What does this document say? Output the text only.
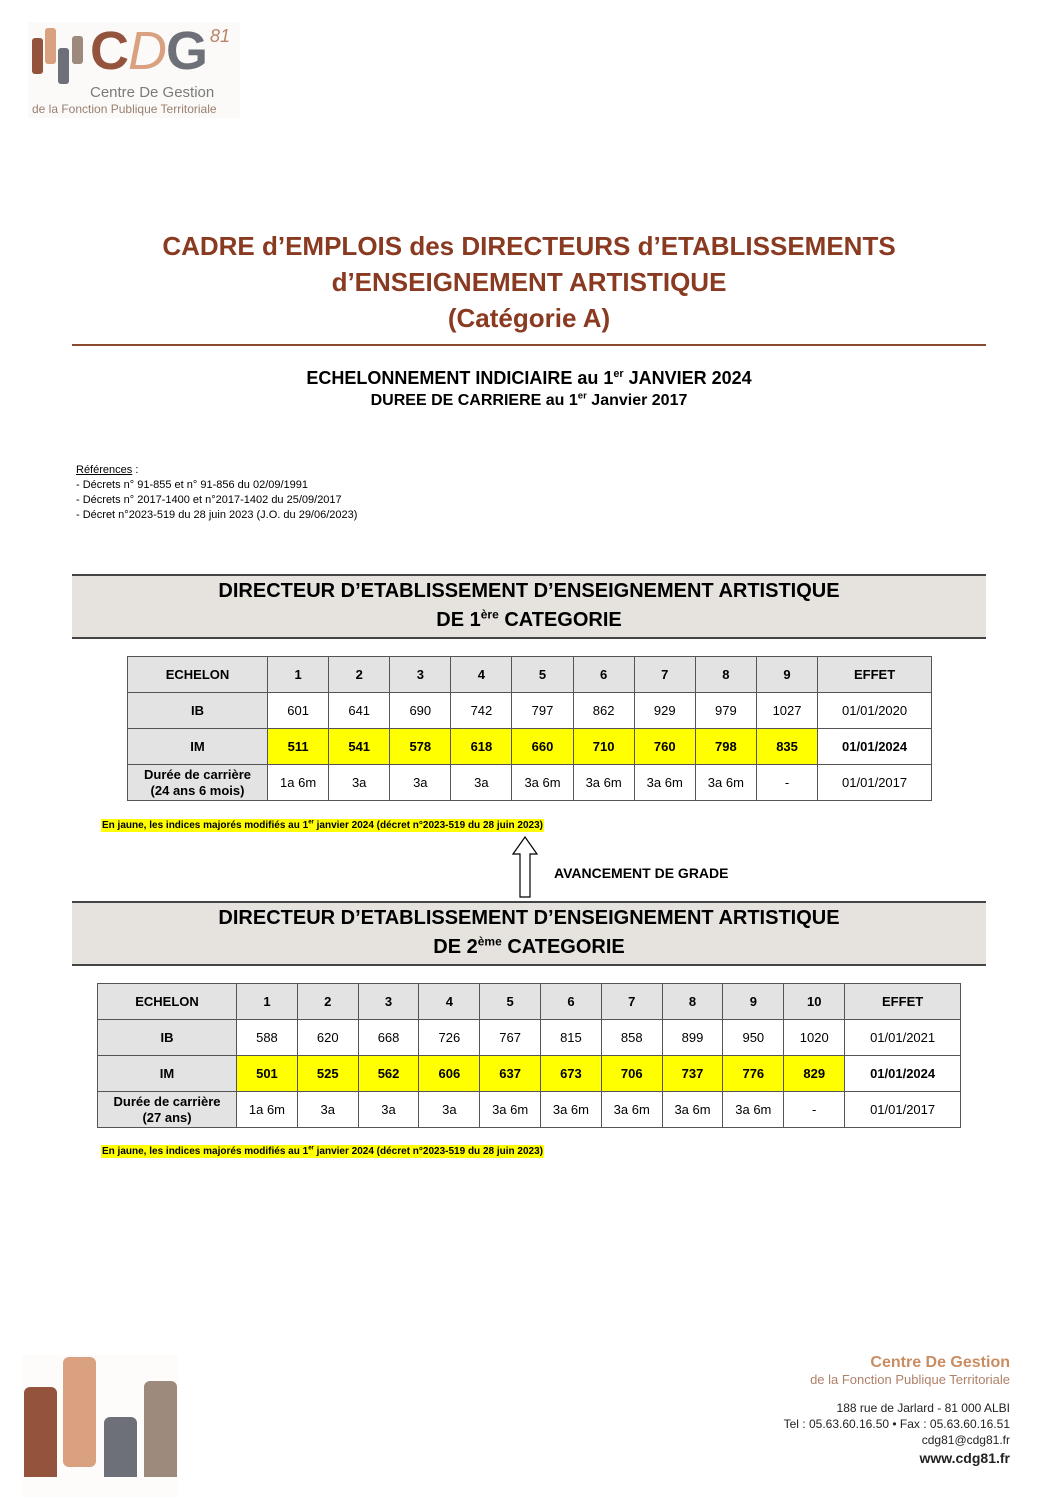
CDG 81
Centre De Gestion
de la Fonction Publique Territoriale
CADRE d’EMPLOIS des DIRECTEURS d’ETABLISSEMENTS
d’ENSEIGNEMENT ARTISTIQUE
(Catégorie A)
ECHELONNEMENT INDICIAIRE au 1er JANVIER 2024
DUREE DE CARRIERE au 1er Janvier 2017
Références :
- Décrets n° 91-855 et n° 91-856 du 02/09/1991
- Décrets n° 2017-1400 et n°2017-1402 du 25/09/2017
- Décret n°2023-519 du 28 juin 2023 (J.O. du 29/06/2023)
DIRECTEUR D’ETABLISSEMENT D’ENSEIGNEMENT ARTISTIQUE
DE 1ère CATEGORIE
ECHELON	1	2	3	4	5	6	7	8	9	EFFET
IB	601	641	690	742	797	862	929	979	1027	01/01/2020
IM	511	541	578	618	660	710	760	798	835	01/01/2024

Durée de carrière
(24 ans 6 mois)	1a 6m	3a	3a	3a	3a 6m	3a 6m	3a 6m	3a 6m	-	01/01/2017
En jaune, les indices majorés modifiés au 1er janvier 2024 (décret n°2023-519 du 28 juin 2023)
AVANCEMENT DE GRADE
DIRECTEUR D’ETABLISSEMENT D’ENSEIGNEMENT ARTISTIQUE
DE 2ème CATEGORIE
ECHELON	1	2	3	4	5	6	7	8	9	10	EFFET
IB	588	620	668	726	767	815	858	899	950	1020	01/01/2021
IM	501	525	562	606	637	673	706	737	776	829	01/01/2024

Durée de carrière
(27 ans)	1a 6m	3a	3a	3a	3a 6m	3a 6m	3a 6m	3a 6m	3a 6m	-	01/01/2017
En jaune, les indices majorés modifiés au 1er janvier 2024 (décret n°2023-519 du 28 juin 2023)
Centre De Gestion
de la Fonction Publique Territoriale
188 rue de Jarlard - 81 000 ALBI
Tel : 05.63.60.16.50 • Fax : 05.63.60.16.51
cdg81@cdg81.fr
www.cdg81.fr
